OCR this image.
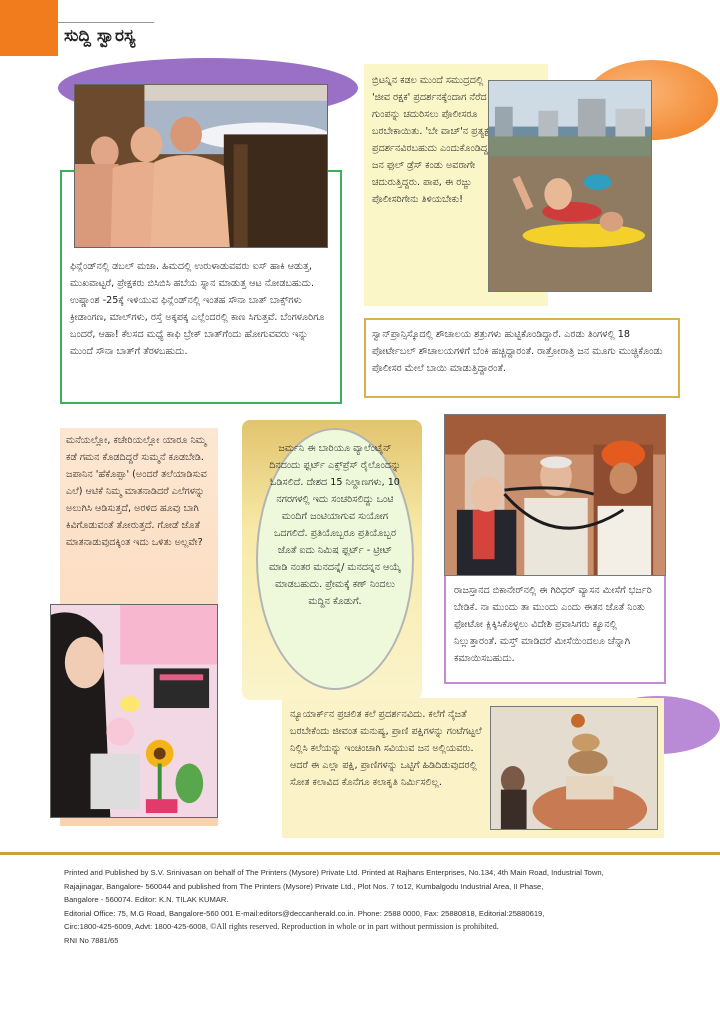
ಸುದ್ದಿ ಸ್ವಾರಸ್ಯ
ಫಿನ್ಲೆಂಡ್‌ನಲ್ಲಿ ಡಬಲ್ ಮಜಾ. ಹಿಮದಲ್ಲಿ ಉರುಳಾಡುವವರು ಐಸ್ ಹಾಕಿ ಆಡುತ್ತ, ಮುಖವಾಟ್ಟರೆ, ಪ್ರೇಕ್ಷಕರು ಬಿಸಿಬಿಸಿ ಹಬೆಯ ಸ್ನಾನ ಮಾಡುತ್ತ ಆಟ ನೋಡಬಹುದು. ಉಷ್ಣಾಂಶ -25ಕ್ಕೆ ಇಳಿಯುವ ಫಿನ್ಲೆಂಡ್‌ನಲ್ಲಿ ಇಂತಹ ಸೌನಾ ಬಾತ್ ಬಾಕ್ಸ್‌ಗಳು ಕ್ರೀಡಾಂಗಣ, ಮಾಲ್‌ಗಳು, ರಸ್ತೆ ಅಕ್ಕಪಕ್ಕ ಎಲ್ಲೆಂದರಲ್ಲಿ ಕಾಣ ಸಿಗುತ್ತವೆ. ಬೆಂಗಳೂರಿಗೂ ಬಂದರೆ, ಆಹಾ! ಕೆಲಸದ ಮಧ್ಯೆ ಕಾಫಿ ಬ್ರೇಕ್ ಬಾತ್‌ಗೆಂದು ಹೋಗುವವರು ಇನ್ನು ಮುಂದೆ ಸೌನಾ ಬಾತ್‌ಗೆ ತೆರಳಬಹುದು.
ಬ್ರಿಟನ್ನಿನ ಕಡಲ ಮುಂದೆ ಸಮುದ್ರದಲ್ಲಿ 'ಜೀವ ರಕ್ಷಕ' ಪ್ರದರ್ಶನಕ್ಕೆಂದಾಗ ನೆರೆದ ಗುಂಪನ್ನು ಚದುರಿಸಲು ಪೊಲೀಸರೂ ಬರಬೇಕಾಯಿತು. 'ಬೇ ವಾಚ್'ನ ಪ್ರತ್ಯಕ್ಷ ಪ್ರದರ್ಶನವಿರಬಹುದು ಎಂದುಕೊಂಡಿದ್ದ ಜನ ಫುಲ್ ಡ್ರೆಸ್ ಕಂಡು ಅವರಾಗೇ ಚದುರುತ್ತಿದ್ದರು. ಪಾಪ, ಈ ರಜ್ಜು ಪೊಲೀಸರಿಗೇನು ತಿಳಿಯಬೇಕು!
ಸ್ವಾನ್‌ಪ್ರಾನ್ಸಿಸ್ಕೊದಲ್ಲಿ ಶೌಚಾಲಯ ಶತ್ರುಗಳು ಹುಟ್ಟಿಕೊಂಡಿದ್ದಾರೆ. ಎರಡು ತಿಂಗಳಲ್ಲಿ 18 ಪೋರ್ಟೇಬಲ್ ಶೌಚಾಲಯಗಳಿಗೆ ಬೆಂಕಿ ಹಚ್ಚಿದ್ದಾರಂತೆ. ರಾತ್ರೋರಾತ್ರಿ ಜನ ಮೂಗು ಮುಚ್ಚಿಕೊಂಡು ಪೊಲೀಸರ ಮೇಲೆ ಬಾಯಿ ಮಾಡುತ್ತಿದ್ದಾರಂತೆ.
ಮನೆಯಲ್ಲೋ, ಕಚೇರಿಯಲ್ಲೋ ಯಾರೂ ನಿಮ್ಮ ಕಡೆ ಗಮನ ಕೊಡದಿದ್ದರೆ ಸುಮ್ಮನೆ ಕೂಡಬೇಡಿ. ಜಪಾನಿನ 'ಹೆಕೊಪ್ಪಾ' (ಅಂದರೆ ತಲೆಯಾಡಿಸುವ ಎಲೆ) ಆಟಿಕೆ ನಿಮ್ಮ ಮಾತನಾಡಿದರೆ ಎಲೆಗಳನ್ನು ಅಲುಗಿಸಿ ಆಡಿಸುತ್ತದೆ, ಅರಳಿದ ಹೂವು ಬಾಗಿ ಕಿವಿಗೊಡುವಂತೆ ತೋರುತ್ತದೆ. ಗೋಡೆ ಜೊತೆ ಮಾತನಾಡುವುದಕ್ಕಿಂತ ಇದು ಒಳಿತು ಅಲ್ಲವೇ?
ಜರ್ಮನಿ ಈ ಬಾರಿಯೂ ವ್ಯಾಲೆಂಟೈನ್ ದಿನದಂದು ಫ್ಲರ್ಟ್ ಎಕ್ಸ್‌ಪ್ರೆಸ್ ರೈಲೊಂದನ್ನು ಓಡಿಸಲಿದೆ. ದೇಶದ 15 ನಿಲ್ದಾಣಗಳು, 10 ನಗರಗಳಲ್ಲಿ ಇದು ಸಂಚರಿಸಲಿದ್ದು ಒಂಟಿ ಮಂದಿಗೆ ಜಂಟಿಯಾಗುವ ಸುಯೋಗ ಒದಗಲಿದೆ. ಪ್ರತಿಯೊಬ್ಬರೂ ಪ್ರತಿಯೊಬ್ಬರ ಜೊತೆ ಐದು ನಿಮಿಷ ಫ್ಲರ್ಟ್ - ಟ್ರೀಟ್ ಮಾಡಿ ನಂತರ ಮನದನ್ನೆ/ ಮನದನ್ನನ ಆಯ್ಕೆ ಮಾಡಬಹುದು. ಪ್ರೇಮಕ್ಕೆ ಕಣ್ ನಿಂದಲು ಮದ್ದಿನ ಕೊಡುಗೆ.
ರಾಜಸ್ತಾನದ ಬಿಕಾನೇರ್‌ನಲ್ಲಿ ಈ ಗಿರಿಧರ್ ವ್ಯಾಸನ ಮೀಸೆಗೆ ಭರ್ಜರಿ ಬೇಡಿಕೆ. ನಾ ಮುಂದು ತಾ ಮುಂದು ಎಂದು ಈತನ ಜೊತೆ ನಿಂತು ಫೋಟೋ ಕ್ಲಿಕ್ಕಿಸಿಕೊಳ್ಳಲು ವಿದೇಶಿ ಪ್ರವಾಸಿಗರು ಕ್ಯೂನಲ್ಲಿ ನಿಲ್ಲುತ್ತಾರಂತೆ. ಮಸ್ತ್ ಮಾಡಿದರೆ ಮೀಸೆಯಿಂದಲೂ ಚೆನ್ನಾಗಿ ಕಮಾಯಿಸಬಹುದು.
ನ್ಯೂಯಾರ್ಕ್‌ನ ಪ್ರಚಲಿತ ಕಲೆ ಪ್ರದರ್ಶನವಿದು. ಕಲೆಗೆ ನೈಜತೆ ಬರಬೇಕೆಂದು ಜೀವಂತ ಮನುಷ್ಯ, ಪ್ರಾಣಿ ಪಕ್ಷಿಗಳನ್ನು ಗಂಟೆಗಟ್ಟಲೆ ನಿಲ್ಲಿಸಿ ಕಲೆಯನ್ನು ಇಂಚಿಂಚಾಗಿ ಸವಿಯುವ ಜನ ಅಲ್ಲಿಯವರು. ಆದರೆ ಈ ಎಲ್ಲಾ ಪಕ್ಷಿ, ಪ್ರಾಣಿಗಳನ್ನು ಒಟ್ಟಿಗೆ ಹಿಡಿದಿಡುವುದರಲ್ಲಿ ಸೋತ ಕಲಾವಿದ ಕೊನೆಗೂ ಕಲಾಕೃತಿ ನಿರ್ಮಿಸಲಿಲ್ಲ.
Printed and Published by S.V. Srinivasan on behalf of The Printers (Mysore) Private Ltd. Printed at Rajhans Enterprises, No.134, 4th Main Road, Industrial Town,
Rajajinagar, Bangalore- 560044 and published from The Printers (Mysore) Private Ltd., Plot Nos. 7 to12, Kumbalgodu Industrial Area, II Phase,
Bangalore - 560074. Editor: K.N. TILAK KUMAR.
Editorial Office: 75, M.G Road, Bangalore-560 001 E-mail:editors@deccanherald.co.in. Phone: 2588 0000, Fax: 25880818, Editorial:25880619,
Circ:1800-425-6009, Advt: 1800-425-6008, ©All rights reserved. Reproduction in whole or in part without permission is prohibited.
RNI No 7881/65
